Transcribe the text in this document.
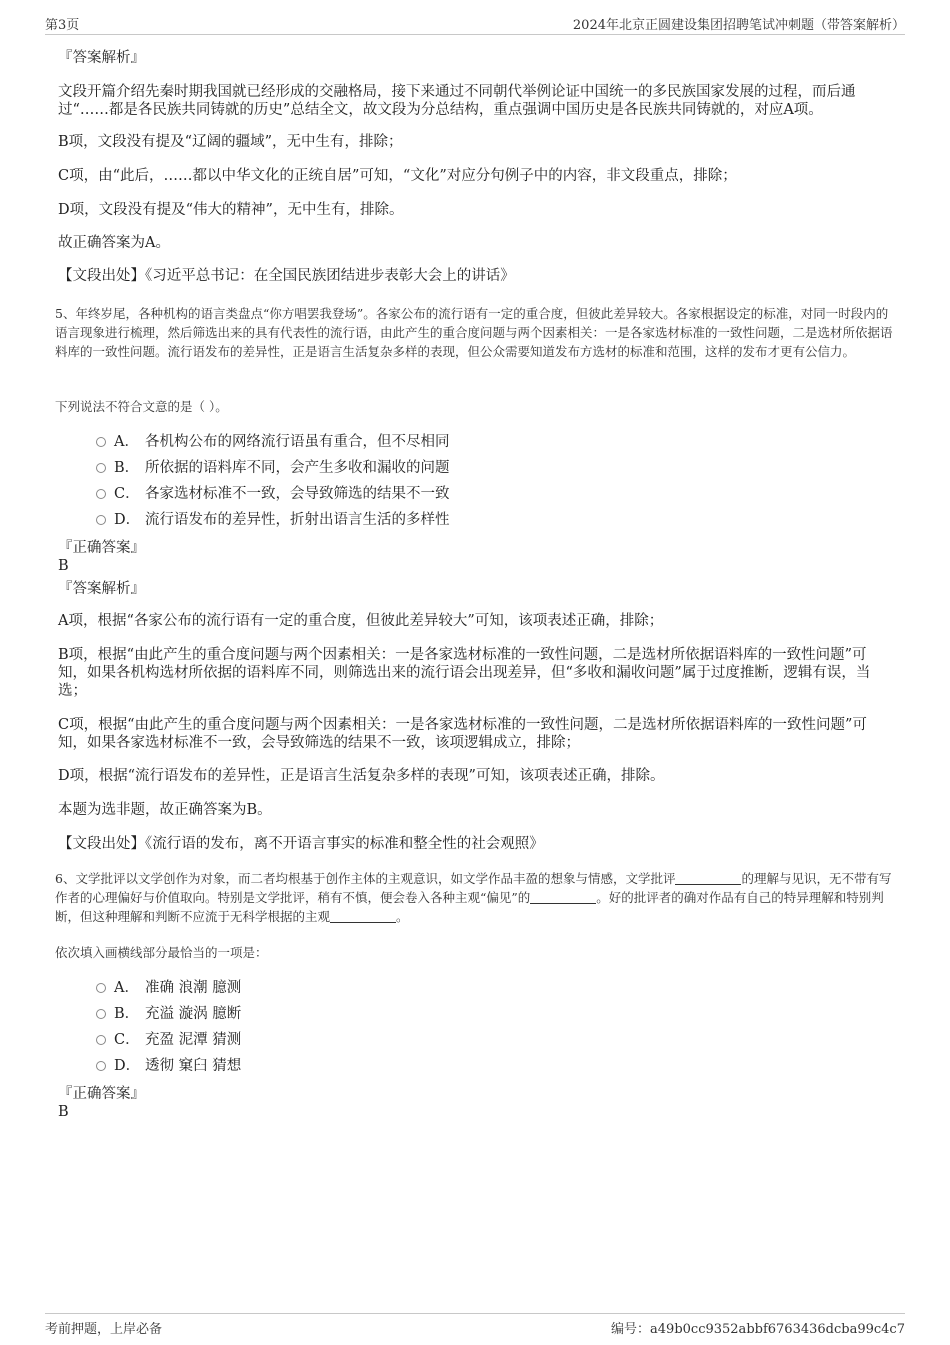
第3页	2024年北京正圆建设集团招聘笔试冲刺题（带答案解析）
『答案解析』
文段开篇介绍先秦时期我国就已经形成的交融格局，接下来通过不同朝代举例论证中国统一的多民族国家发展的过程，而后通过“……都是各民族共同铸就的历史”总结全文，故文段为分总结构，重点强调中国历史是各民族共同铸就的，对应A项。
B项，文段没有提及“辽阔的疆域”，无中生有，排除；
C项，由“此后，……都以中华文化的正统自居”可知，“文化”对应分句例子中的内容，非文段重点，排除；
D项，文段没有提及“伟大的精神”，无中生有，排除。
故正确答案为A。
【文段出处】《习近平总书记：在全国民族团结进步表彰大会上的讲话》
5、年终岁尾，各种机构的语言类盘点“你方唱罢我登场”。各家公布的流行语有一定的重合度，但彼此差异较大。各家根据设定的标准，对同一时段内的语言现象进行梳理，然后筛选出来的具有代表性的流行语，由此产生的重合度问题与两个因素相关：一是各家选材标准的一致性问题，二是选材所依据语料库的一致性问题。流行语发布的差异性，正是语言生活复杂多样的表现，但公众需要知道发布方选材的标准和范围，这样的发布才更有公信力。
下列说法不符合文意的是（ ）。
A． 各机构公布的网络流行语虽有重合，但不尽相同
B． 所依据的语料库不同，会产生多收和漏收的问题
C． 各家选材标准不一致，会导致筛选的结果不一致
D． 流行语发布的差异性，折射出语言生活的多样性
『正确答案』
B
『答案解析』
A项，根据“各家公布的流行语有一定的重合度，但彼此差异较大”可知，该项表述正确，排除；
B项，根据“由此产生的重合度问题与两个因素相关：一是各家选材标准的一致性问题，二是选材所依据语料库的一致性问题”可知，如果各机构选材所依据的语料库不同，则筛选出来的流行语会出现差异，但“多收和漏收问题”属于过度推断，逻辑有误，当选；
C项，根据“由此产生的重合度问题与两个因素相关：一是各家选材标准的一致性问题，二是选材所依据语料库的一致性问题”可知，如果各家选材标准不一致，会导致筛选的结果不一致，该项逻辑成立，排除；
D项，根据“流行语发布的差异性，正是语言生活复杂多样的表现”可知，该项表述正确，排除。
本题为选非题，故正确答案为B。
【文段出处】《流行语的发布，离不开语言事实的标准和整全性的社会观照》
6、文学批评以文学创作为对象，而二者均根基于创作主体的主观意识，如文学作品丰盈的想象与情感，文学批评	的理解与见识，无不带有写作者的心理偏好与价值取向。特别是文学批评，稍有不慎，便会卷入各种主观“偏见”的	。好的批评者的确对作品有自己的特异理解和特别判断，但这种理解和判断不应流于无科学根据的主观	。
依次填入画横线部分最恰当的一项是：
A． 准确 浪潮 臆测
B． 充溢 漩涡 臆断
C． 充盈 泥潭 猜测
D． 透彻 窠臼 猜想
『正确答案』
B
考前押题，上岸必备	编号：a49b0cc9352abbf6763436dcba99c4c7
